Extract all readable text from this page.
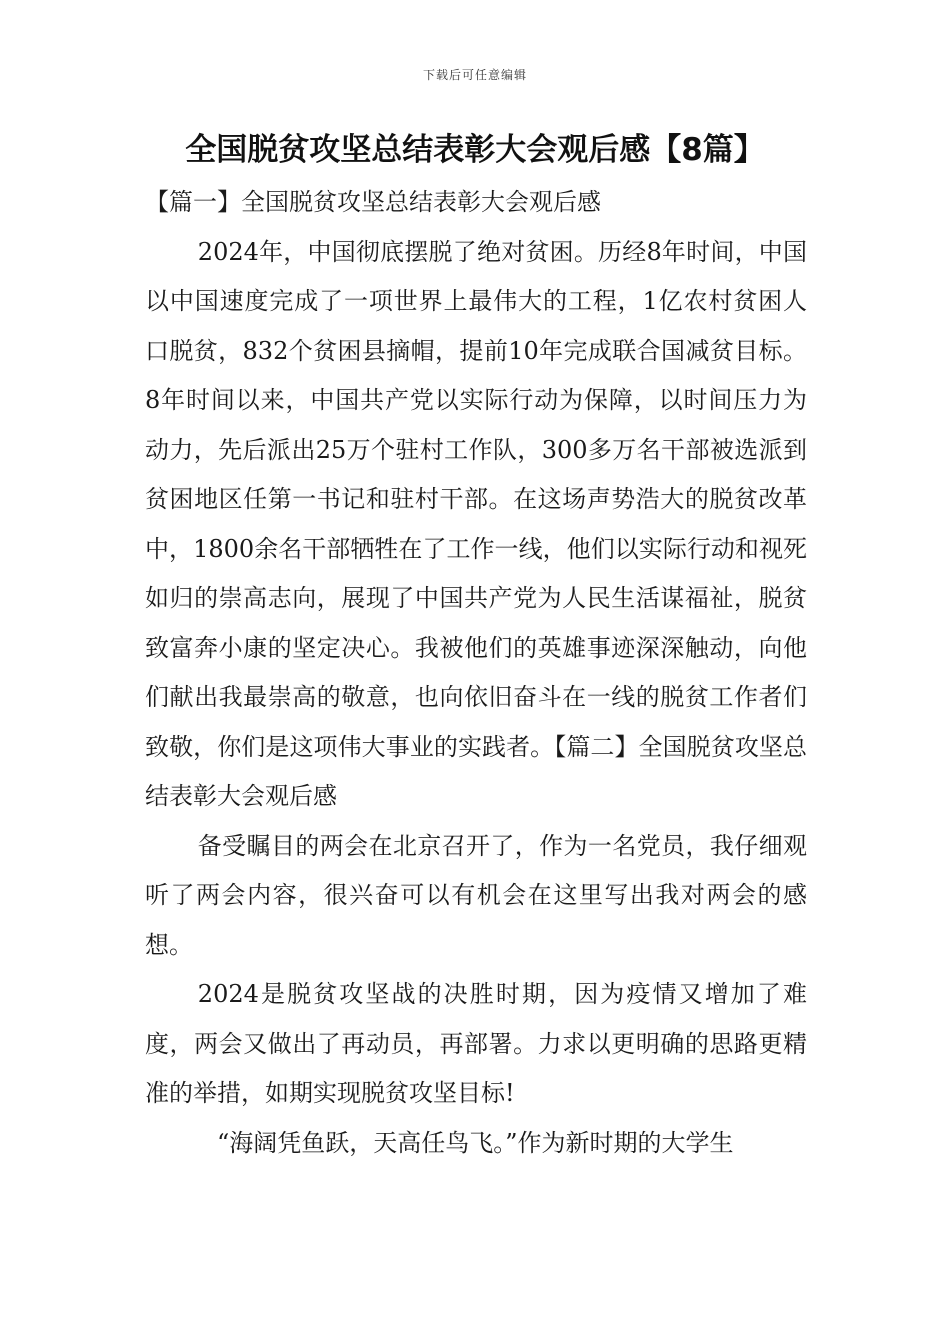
下载后可任意编辑
全国脱贫攻坚总结表彰大会观后感【8篇】

【篇一】全国脱贫攻坚总结表彰大会观后感

2024年，中国彻底摆脱了绝对贫困。历经8年时间，中国以中国速度完成了一项世界上最伟大的工程，1亿农村贫困人口脱贫，832个贫困县摘帽，提前10年完成联合国减贫目标。8年时间以来，中国共产党以实际行动为保障，以时间压力为动力，先后派出25万个驻村工作队，300多万名干部被选派到贫困地区任第一书记和驻村干部。在这场声势浩大的脱贫改革中，1800余名干部牺牲在了工作一线，他们以实际行动和视死如归的崇高志向，展现了中国共产党为人民生活谋福祉，脱贫致富奔小康的坚定决心。我被他们的英雄事迹深深触动，向他们献出我最崇高的敬意，也向依旧奋斗在一线的脱贫工作者们致敬，你们是这项伟大事业的实践者。【篇二】全国脱贫攻坚总结表彰大会观后感

备受瞩目的两会在北京召开了，作为一名党员，我仔细观听了两会内容，很兴奋可以有机会在这里写出我对两会的感想。

2024是脱贫攻坚战的决胜时期，因为疫情又增加了难度，两会又做出了再动员，再部署。力求以更明确的思路更精准的举措，如期实现脱贫攻坚目标!

“海阔凭鱼跃，天高任鸟飞。”作为新时期的大学生
